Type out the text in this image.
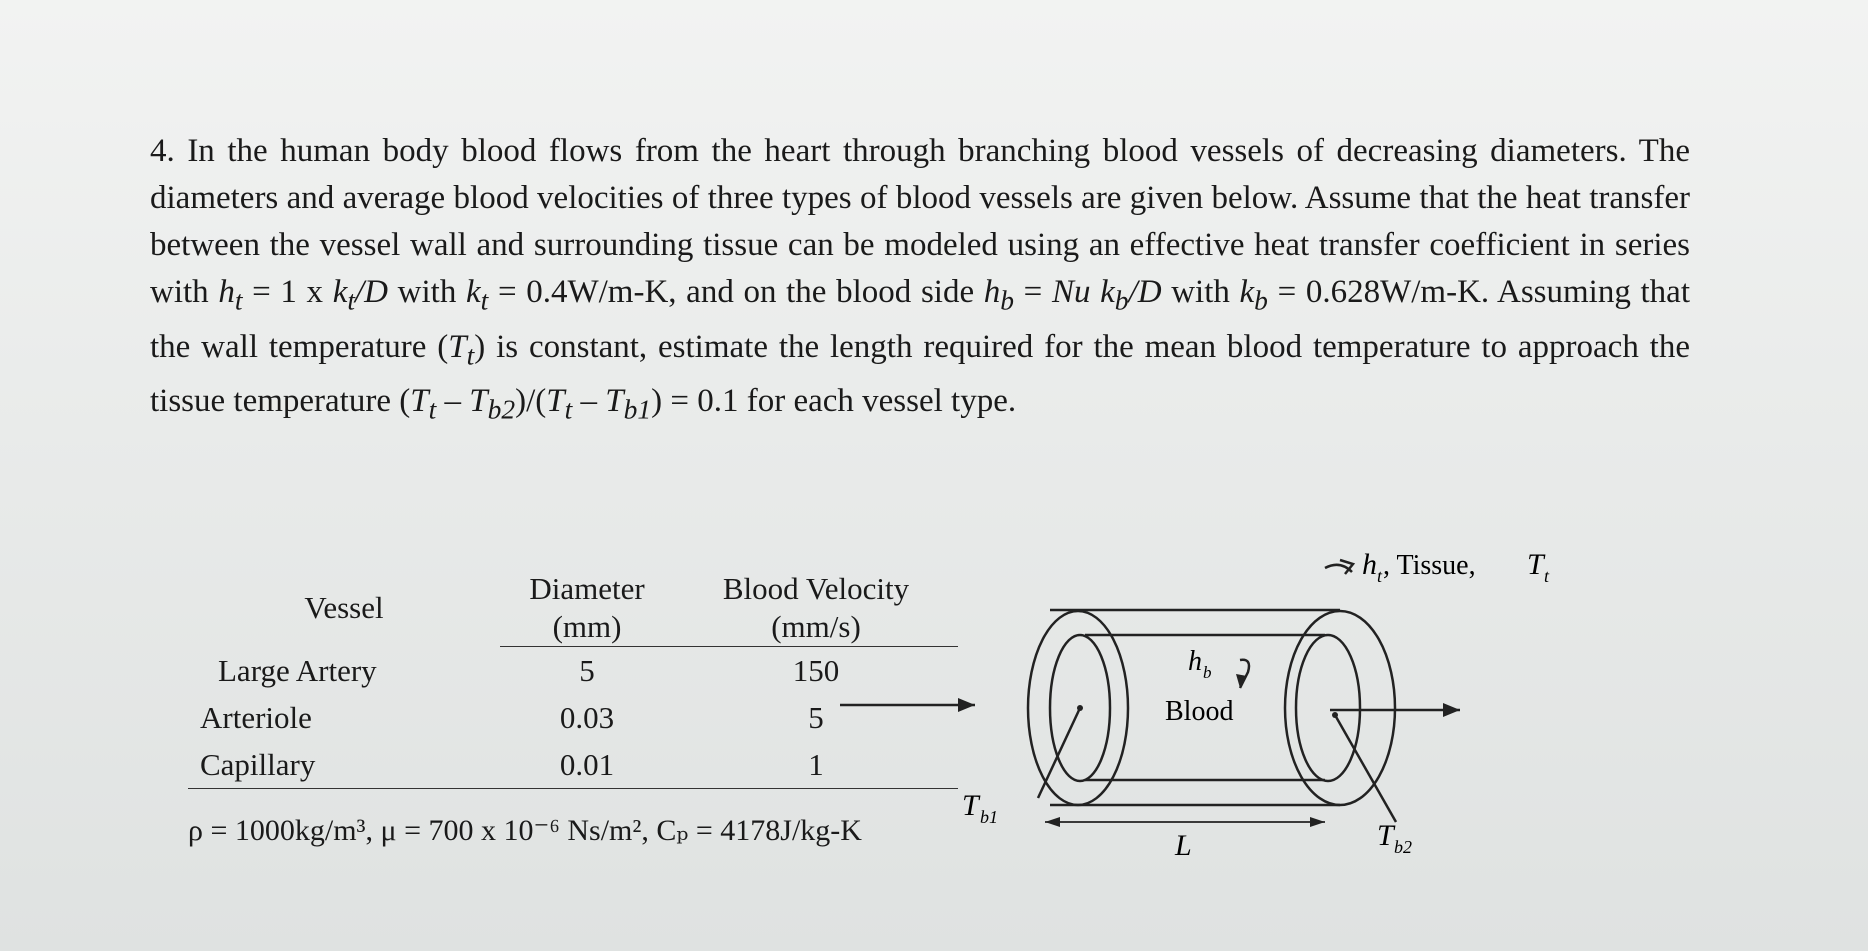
4. In the human body blood flows from the heart through branching blood vessels of decreasing diameters. The diameters and average blood velocities of three types of blood vessels are given below. Assume that the heat transfer between the vessel wall and surrounding tissue can be modeled using an effective heat transfer coefficient in series with $h_t = 1$ x $k_t/D$ with $k_t = 0.4W/m-K$, and on the blood side $h_b = Nu$ $k_b/D$ with $k_b = 0.628W/m-K$. Assuming that the wall temperature $(T_t)$ is constant, estimate the length required for the mean blood temperature to approach the tissue temperature $(T_t - T_{b2})/(T_t - T_{b1}) = 0.1$ for each vessel type.

Vessel	Diameter	Blood Velocity
	(mm)	(mm/s)
Large Artery	5	150
Arteriole	0.03	5
Capillary	0.01	1
ρ = 1000kg/m³, μ = 700 x 10⁻⁶ Ns/m², Cₚ = 4178J/kg-K
h t , Tissue, T t
h b
Blood
T b1
T b2
L
